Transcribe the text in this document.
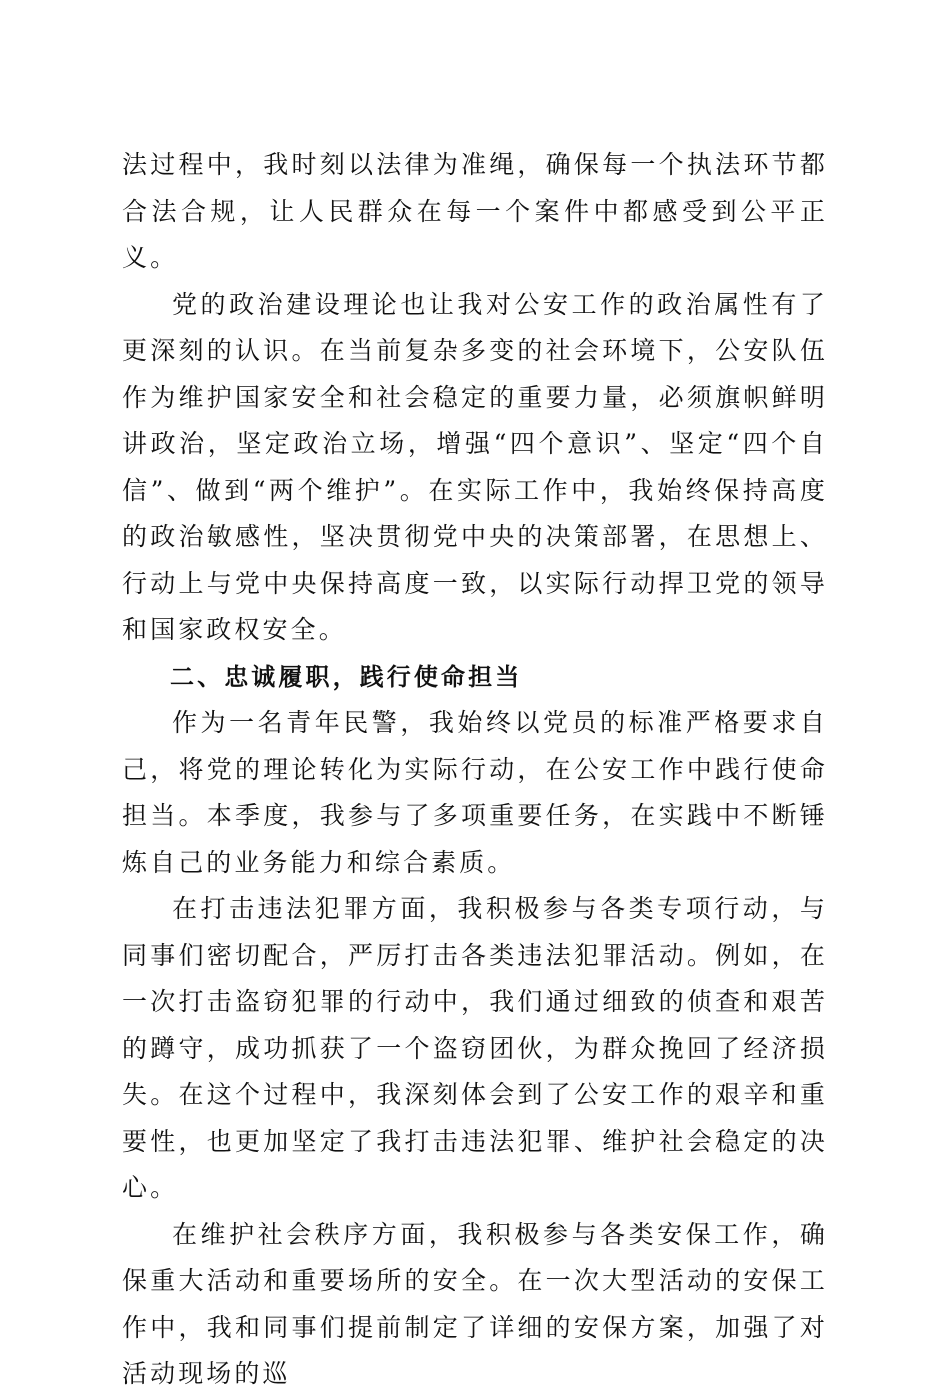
法过程中，我时刻以法律为准绳，确保每一个执法环节都合法合规，让人民群众在每一个案件中都感受到公平正义。

党的政治建设理论也让我对公安工作的政治属性有了更深刻的认识。在当前复杂多变的社会环境下，公安队伍作为维护国家安全和社会稳定的重要力量，必须旗帜鲜明讲政治，坚定政治立场，增强“四个意识”、坚定“四个自信”、做到“两个维护”。在实际工作中，我始终保持高度的政治敏感性，坚决贯彻党中央的决策部署，在思想上、行动上与党中央保持高度一致，以实际行动捍卫党的领导和国家政权安全。

二、忠诚履职，践行使命担当

作为一名青年民警，我始终以党员的标准严格要求自己，将党的理论转化为实际行动，在公安工作中践行使命担当。本季度，我参与了多项重要任务，在实践中不断锤炼自己的业务能力和综合素质。

在打击违法犯罪方面，我积极参与各类专项行动，与同事们密切配合，严厉打击各类违法犯罪活动。例如，在一次打击盗窃犯罪的行动中，我们通过细致的侦查和艰苦的蹲守，成功抓获了一个盗窃团伙，为群众挽回了经济损失。在这个过程中，我深刻体会到了公安工作的艰辛和重要性，也更加坚定了我打击违法犯罪、维护社会稳定的决心。

在维护社会秩序方面，我积极参与各类安保工作，确保重大活动和重要场所的安全。在一次大型活动的安保工作中，我和同事们提前制定了详细的安保方案，加强了对活动现场的巡
